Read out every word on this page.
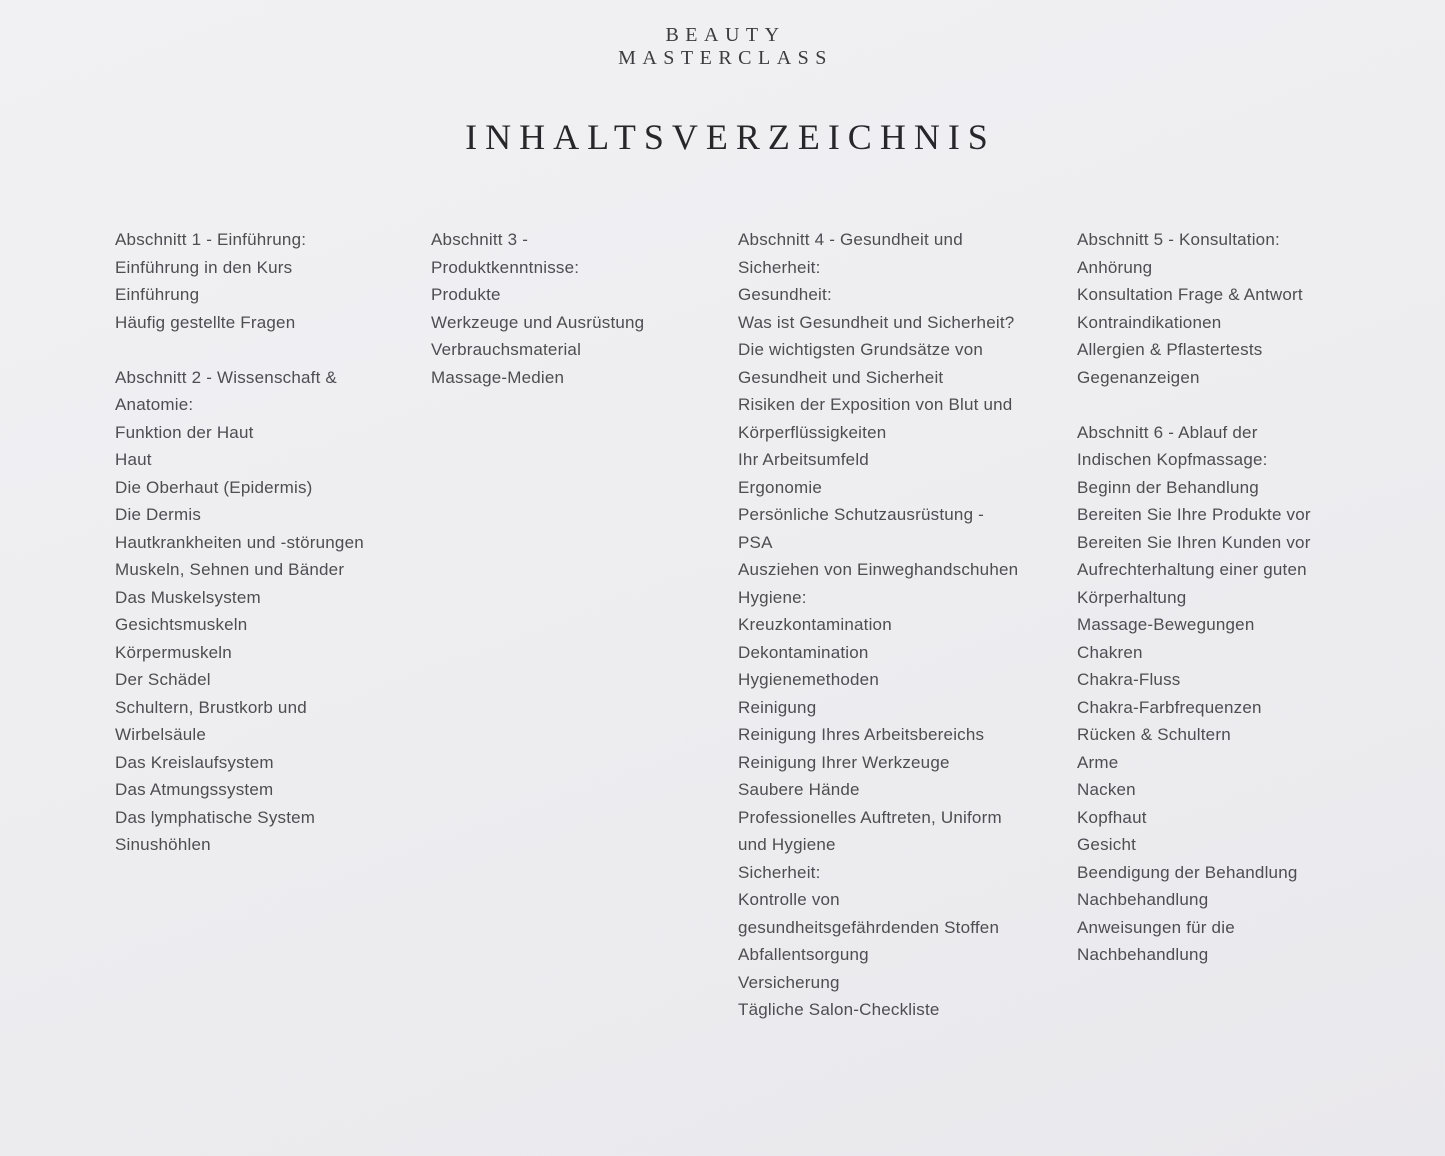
BEAUTY
MASTERCLASS
INHALTSVERZEICHNIS
Abschnitt 1 - Einführung:
Einführung in den Kurs
Einführung
Häufig gestellte Fragen
Abschnitt 2 - Wissenschaft &
Anatomie:
Funktion der Haut
Haut
Die Oberhaut (Epidermis)
Die Dermis
Hautkrankheiten und -störungen
Muskeln, Sehnen und Bänder
Das Muskelsystem
Gesichtsmuskeln
Körpermuskeln
Der Schädel
Schultern, Brustkorb und
Wirbelsäule
Das Kreislaufsystem
Das Atmungssystem
Das lymphatische System
Sinushöhlen
Abschnitt 3 -
Produktkenntnisse:
Produkte
Werkzeuge und Ausrüstung
Verbrauchsmaterial
Massage-Medien
Abschnitt 4 - Gesundheit und
Sicherheit:
Gesundheit:
Was ist Gesundheit und Sicherheit?
Die wichtigsten Grundsätze von
Gesundheit und Sicherheit
Risiken der Exposition von Blut und
Körperflüssigkeiten
Ihr Arbeitsumfeld
Ergonomie
Persönliche Schutzausrüstung -
PSA
Ausziehen von Einweghandschuhen
Hygiene:
Kreuzkontamination
Dekontamination
Hygienemethoden
Reinigung
Reinigung Ihres Arbeitsbereichs
Reinigung Ihrer Werkzeuge
Saubere Hände
Professionelles Auftreten, Uniform
und Hygiene
Sicherheit:
Kontrolle von
gesundheitsgefährdenden Stoffen
Abfallentsorgung
Versicherung
Tägliche Salon-Checkliste
Abschnitt 5 - Konsultation:
Anhörung
Konsultation Frage & Antwort
Kontraindikationen
Allergien & Pflastertests
Gegenanzeigen
Abschnitt 6 - Ablauf der
Indischen Kopfmassage:
Beginn der Behandlung
Bereiten Sie Ihre Produkte vor
Bereiten Sie Ihren Kunden vor
Aufrechterhaltung einer guten
Körperhaltung
Massage-Bewegungen
Chakren
Chakra-Fluss
Chakra-Farbfrequenzen
Rücken & Schultern
Arme
Nacken
Kopfhaut
Gesicht
Beendigung der Behandlung
Nachbehandlung
Anweisungen für die
Nachbehandlung
